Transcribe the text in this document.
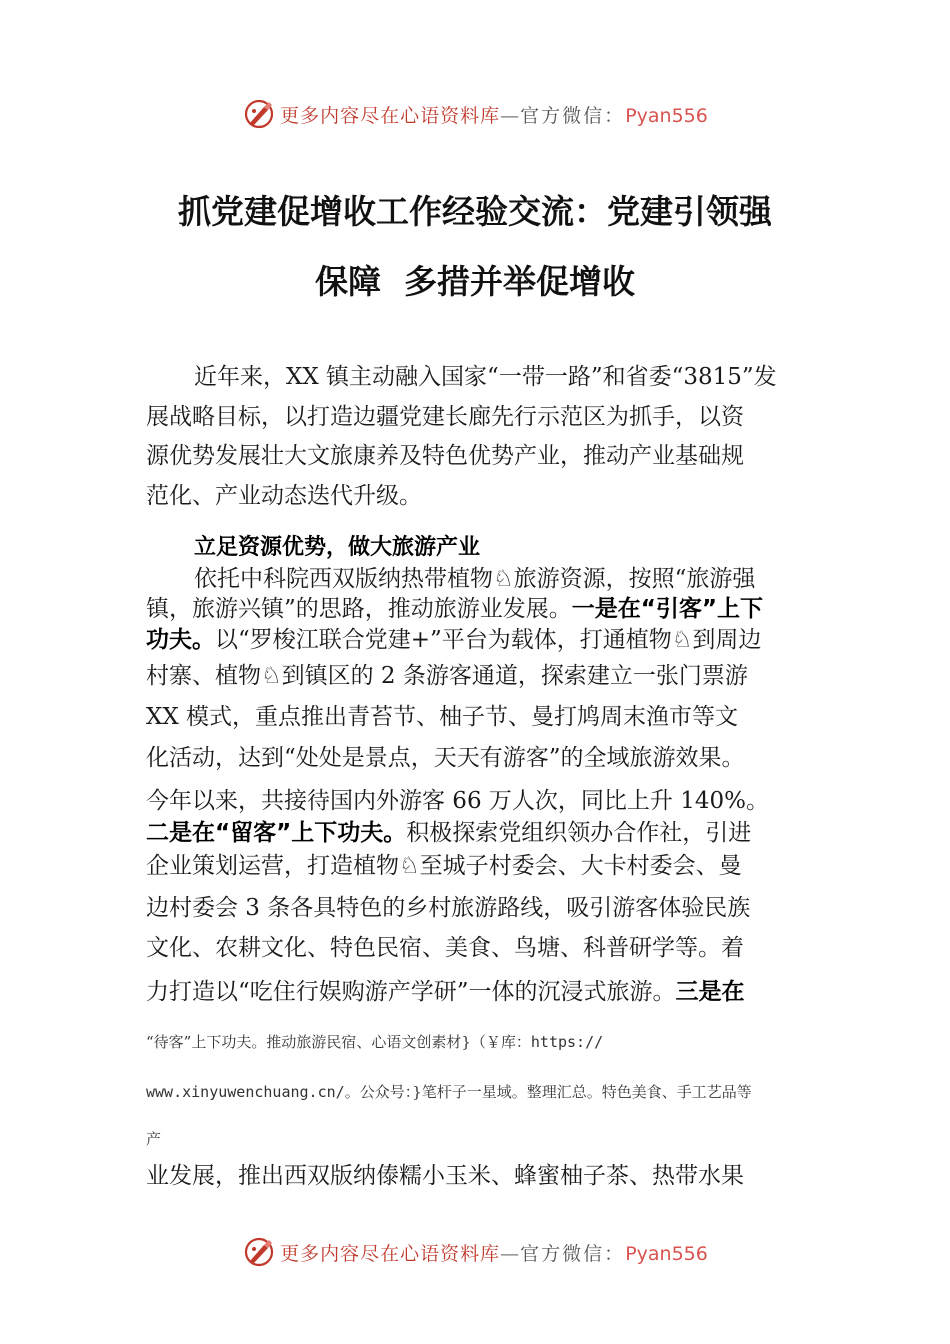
更多内容尽在心语资料库—官方微信：Pyan556
抓党建促增收工作经验交流：党建引领强
保障  多措并举促增收
近年来，XX 镇主动融入国家“一带一路”和省委“3815”发
展战略目标，以打造边疆党建长廊先行示范区为抓手，以资
源优势发展壮大文旅康养及特色优势产业，推动产业基础规
范化、产业动态迭代升级。
立足资源优势，做大旅游产业
依托中科院西双版纳热带植物♘旅游资源，按照“旅游强
镇，旅游兴镇”的思路，推动旅游业发展。一是在“引客”上下
功夫。以“罗梭江联合党建+”平台为载体，打通植物♘到周边
村寨、植物♘到镇区的 2 条游客通道，探索建立一张门票游
XX 模式，重点推出青苔节、柚子节、曼打鸠周末渔市等文
化活动，达到“处处是景点，天天有游客”的全域旅游效果。
今年以来，共接待国内外游客 66 万人次，同比上升 140%。
二是在“留客”上下功夫。积极探索党组织领办合作社，引进
企业策划运营，打造植物♘至城子村委会、大卡村委会、曼
边村委会 3 条各具特色的乡村旅游路线，吸引游客体验民族
文化、农耕文化、特色民宿、美食、鸟塘、科普研学等。着
力打造以“吃住行娱购游产学研”一体的沉浸式旅游。三是在
“待客”上下功夫。推动旅游民宿、心语文创素材}（￥库：https://
www.xinyuwenchuang.cn/。公众号：}笔杆子一星域。整理汇总。特色美食、手工艺品等
产
业发展，推出西双版纳傣糯小玉米、蜂蜜柚子茶、热带水果
更多内容尽在心语资料库—官方微信：Pyan556
